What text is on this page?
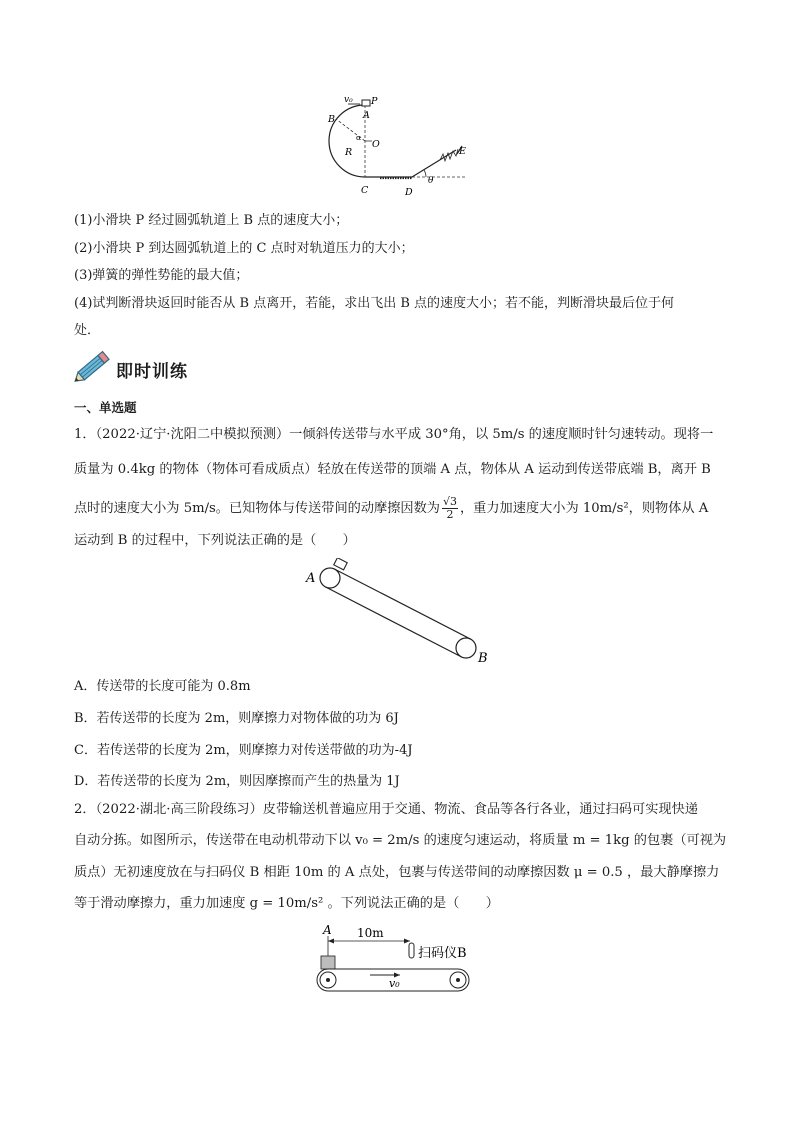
v₀ P
A
B
α
O
R
C	D
E
θ
(1)小滑块 P 经过圆弧轨道上 B 点的速度大小；
(2)小滑块 P 到达圆弧轨道上的 C 点时对轨道压力的大小；
(3)弹簧的弹性势能的最大值；
(4)试判断滑块返回时能否从 B 点离开，若能，求出飞出 B 点的速度大小；若不能，判断滑块最后位于何
处．
即时训练
一、单选题
1．（2022·辽宁·沈阳二中模拟预测）一倾斜传送带与水平成 30°角，以 5m/s 的速度顺时针匀速转动。现将一
质量为 0.4kg 的物体（物体可看成质点）轻放在传送带的顶端 A 点，物体从 A 运动到传送带底端 B，离开 B
点时的速度大小为 5m/s。已知物体与传送带间的动摩擦因数为 $\frac{√3}{2}$ ，重力加速度大小为 10m/s²，则物体从 A
运动到 B 的过程中，下列说法正确的是（　　）
A
B
A．传送带的长度可能为 0.8m
B．若传送带的长度为 2m，则摩擦力对物体做的功为 6J
C．若传送带的长度为 2m，则摩擦力对传送带做的功为-4J
D．若传送带的长度为 2m，则因摩擦而产生的热量为 1J
2．（2022·湖北·高三阶段练习）皮带输送机普遍应用于交通、物流、食品等各行各业，通过扫码可实现快递
自动分拣。如图所示，传送带在电动机带动下以 v₀ = 2m/s 的速度匀速运动，将质量 m = 1kg 的包裹（可视为
质点）无初速度放在与扫码仪 B 相距 10m 的 A 点处，包裹与传送带间的动摩擦因数 μ = 0.5 ，最大静摩擦力
等于滑动摩擦力，重力加速度 g = 10m/s² 。下列说法正确的是（　　）
A 10m
扫码仪B
v₀
